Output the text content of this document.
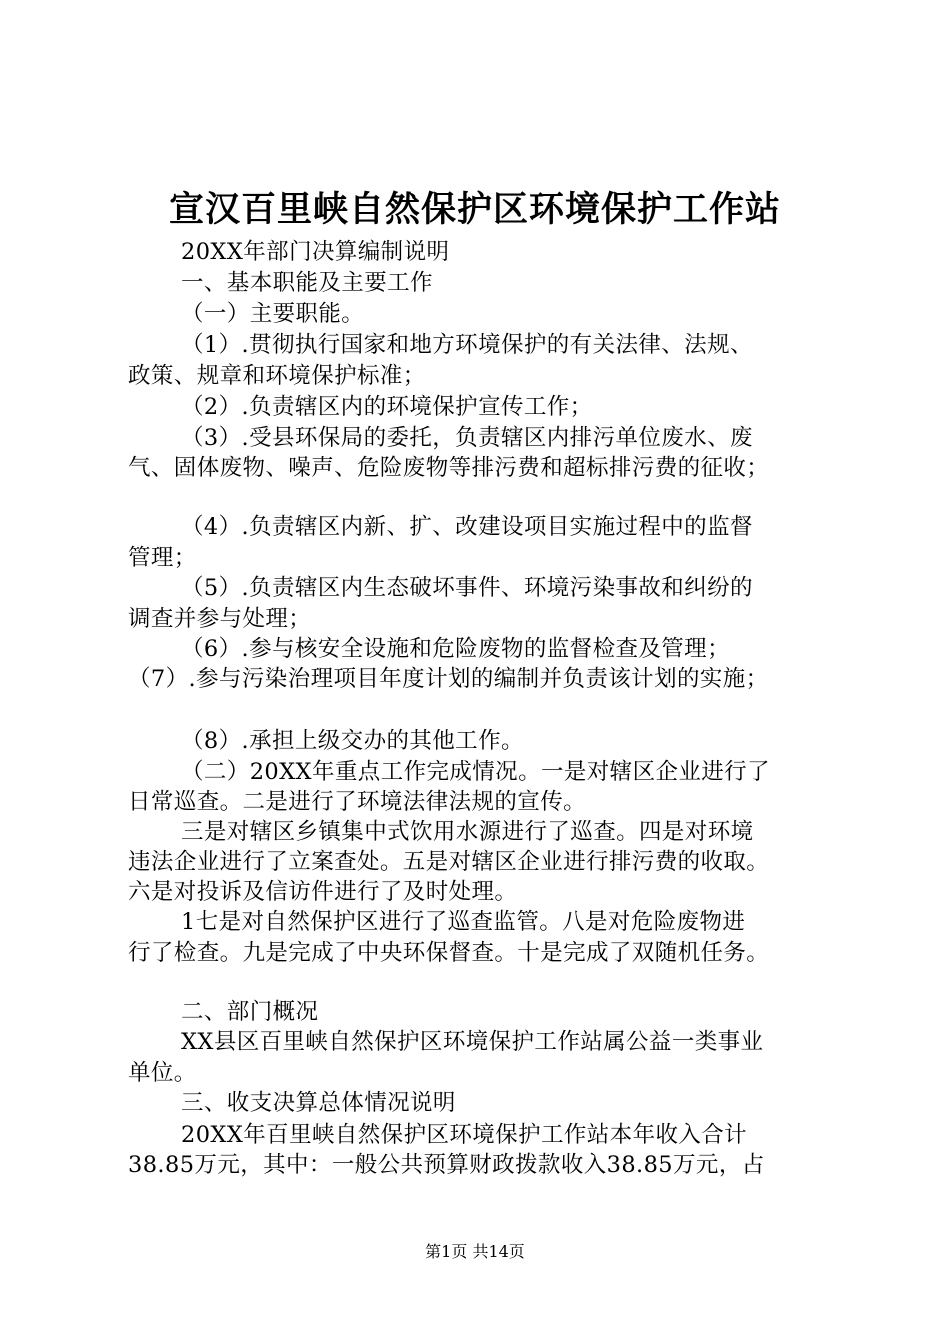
宣汉百里峡自然保护区环境保护工作站
20XX年部门决算编制说明
一、基本职能及主要工作
（一）主要职能。
（1）.贯彻执行国家和地方环境保护的有关法律、法规、
政策、规章和环境保护标准；
（2）.负责辖区内的环境保护宣传工作；
（3）.受县环保局的委托，负责辖区内排污单位废水、废
气、固体废物、噪声、危险废物等排污费和超标排污费的征收；
（4）.负责辖区内新、扩、改建设项目实施过程中的监督
管理；
（5）.负责辖区内生态破坏事件、环境污染事故和纠纷的
调查并参与处理；
（6）.参与核安全设施和危险废物的监督检查及管理；
（7）.参与污染治理项目年度计划的编制并负责该计划的实施；
（8）.承担上级交办的其他工作。
（二）20XX年重点工作完成情况。一是对辖区企业进行了
日常巡查。二是进行了环境法律法规的宣传。
三是对辖区乡镇集中式饮用水源进行了巡查。四是对环境
违法企业进行了立案查处。五是对辖区企业进行排污费的收取。
六是对投诉及信访件进行了及时处理。
1七是对自然保护区进行了巡查监管。八是对危险废物进
行了检查。九是完成了中央环保督查。十是完成了双随机任务。
二、部门概况
XX县区百里峡自然保护区环境保护工作站属公益一类事业
单位。
三、收支决算总体情况说明
20XX年百里峡自然保护区环境保护工作站本年收入合计
38.85万元，其中：一般公共预算财政拨款收入38.85万元，占
第1页 共14页
